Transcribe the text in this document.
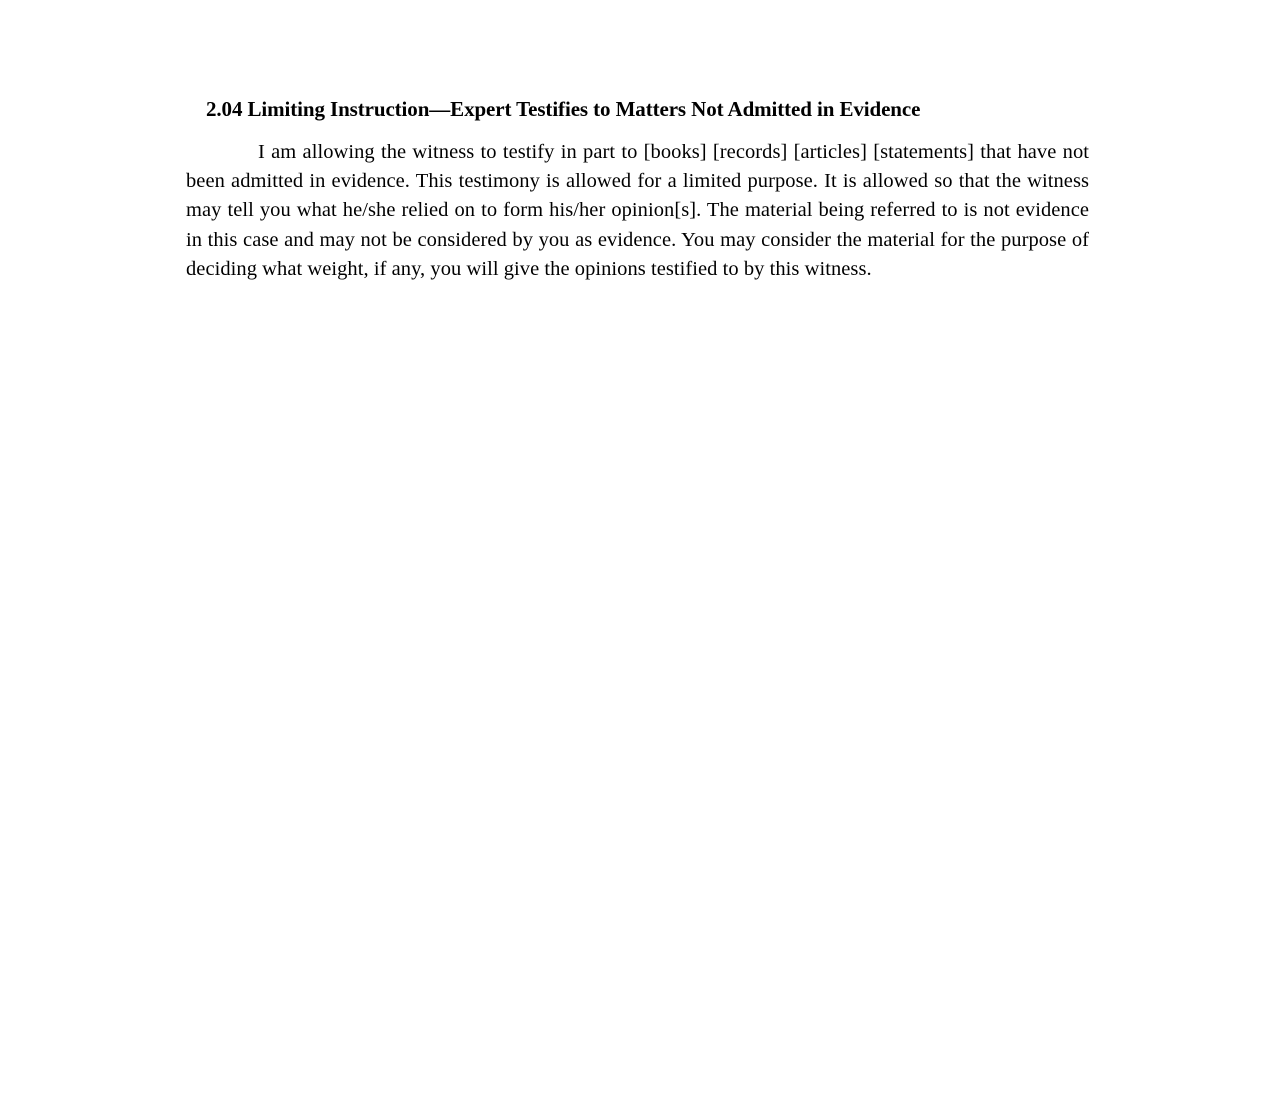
2.04 Limiting Instruction—Expert Testifies to Matters Not Admitted in Evidence

I am allowing the witness to testify in part to [books] [records] [articles] [statements] that have not been admitted in evidence. This testimony is allowed for a limited purpose. It is allowed so that the witness may tell you what he/she relied on to form his/her opinion[s]. The material being referred to is not evidence in this case and may not be considered by you as evidence. You may consider the material for the purpose of deciding what weight, if any, you will give the opinions testified to by this witness.
